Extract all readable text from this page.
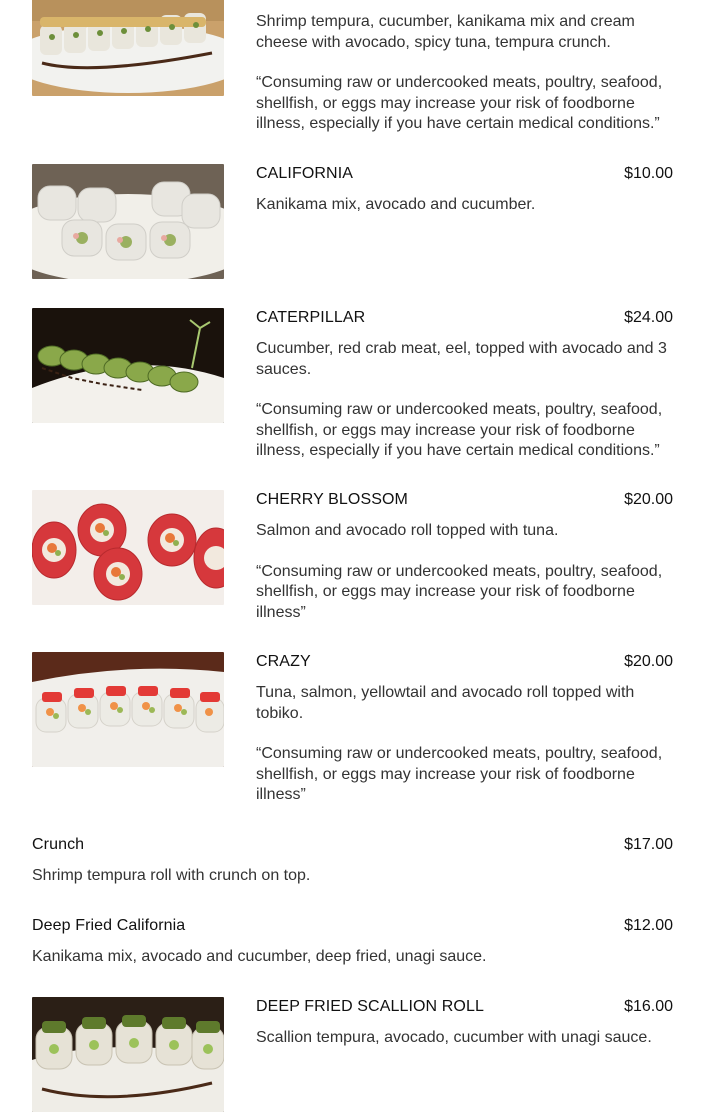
Shrimp tempura, cucumber, kanikama mix and cream cheese with avocado, spicy tuna, tempura crunch.
“Consuming raw or undercooked meats, poultry, seafood, shellfish, or eggs may increase your risk of foodborne illness, especially if you have certain medical conditions.”
CALIFORNIA	$10.00
Kanikama mix, avocado and cucumber.
CATERPILLAR	$24.00
Cucumber, red crab meat, eel, topped with avocado and 3 sauces.
“Consuming raw or undercooked meats, poultry, seafood, shellfish, or eggs may increase your risk of foodborne illness, especially if you have certain medical conditions.”
CHERRY BLOSSOM	$20.00
Salmon and avocado roll topped with tuna.
“Consuming raw or undercooked meats, poultry, seafood, shellfish, or eggs may increase your risk of foodborne illness”
CRAZY	$20.00
Tuna, salmon, yellowtail and avocado roll topped with tobiko.
“Consuming raw or undercooked meats, poultry, seafood, shellfish, or eggs may increase your risk of foodborne illness”
Crunch	$17.00
Shrimp tempura roll with crunch on top.
Deep Fried California	$12.00
Kanikama mix, avocado and cucumber, deep fried, unagi sauce.
DEEP FRIED SCALLION ROLL	$16.00
Scallion tempura, avocado, cucumber with unagi sauce.
